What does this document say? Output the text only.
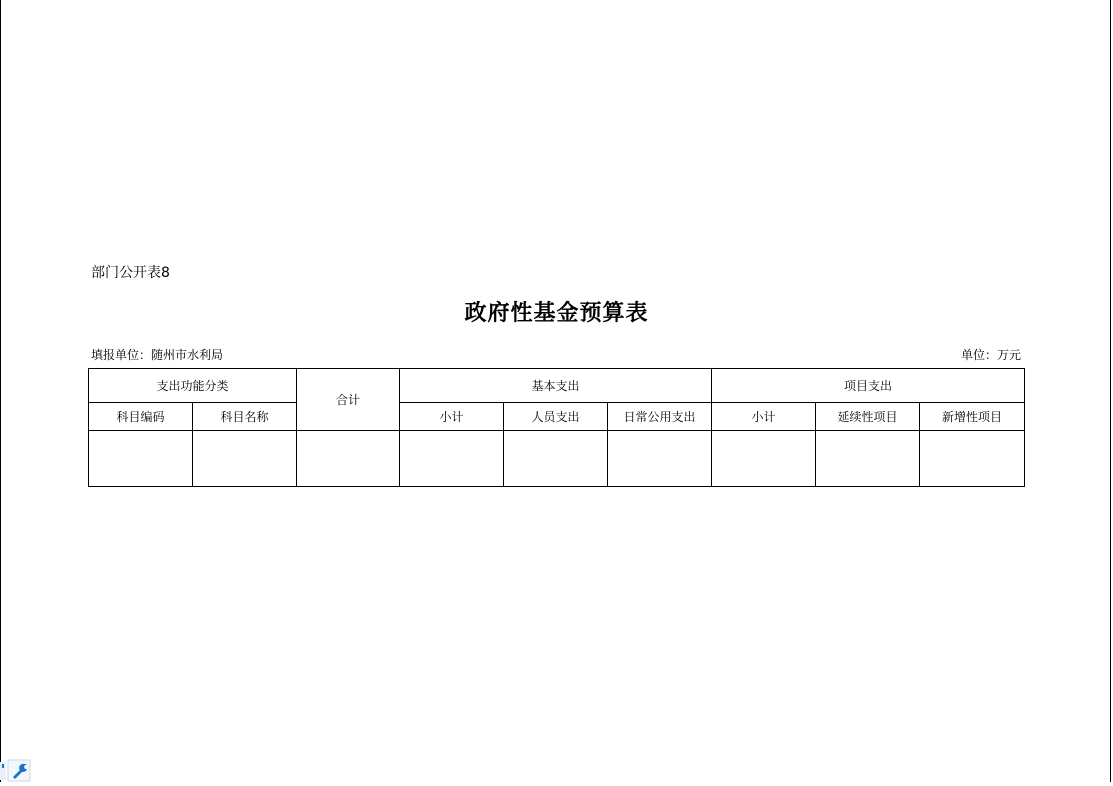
部门公开表8
政府性基金预算表
填报单位：随州市水利局	单位：万元
支出功能分类		合计	基本支出			项目支出		
科目编码	科目名称		小计	人员支出	日常公用支出	小计	延续性项目	新增性项目
